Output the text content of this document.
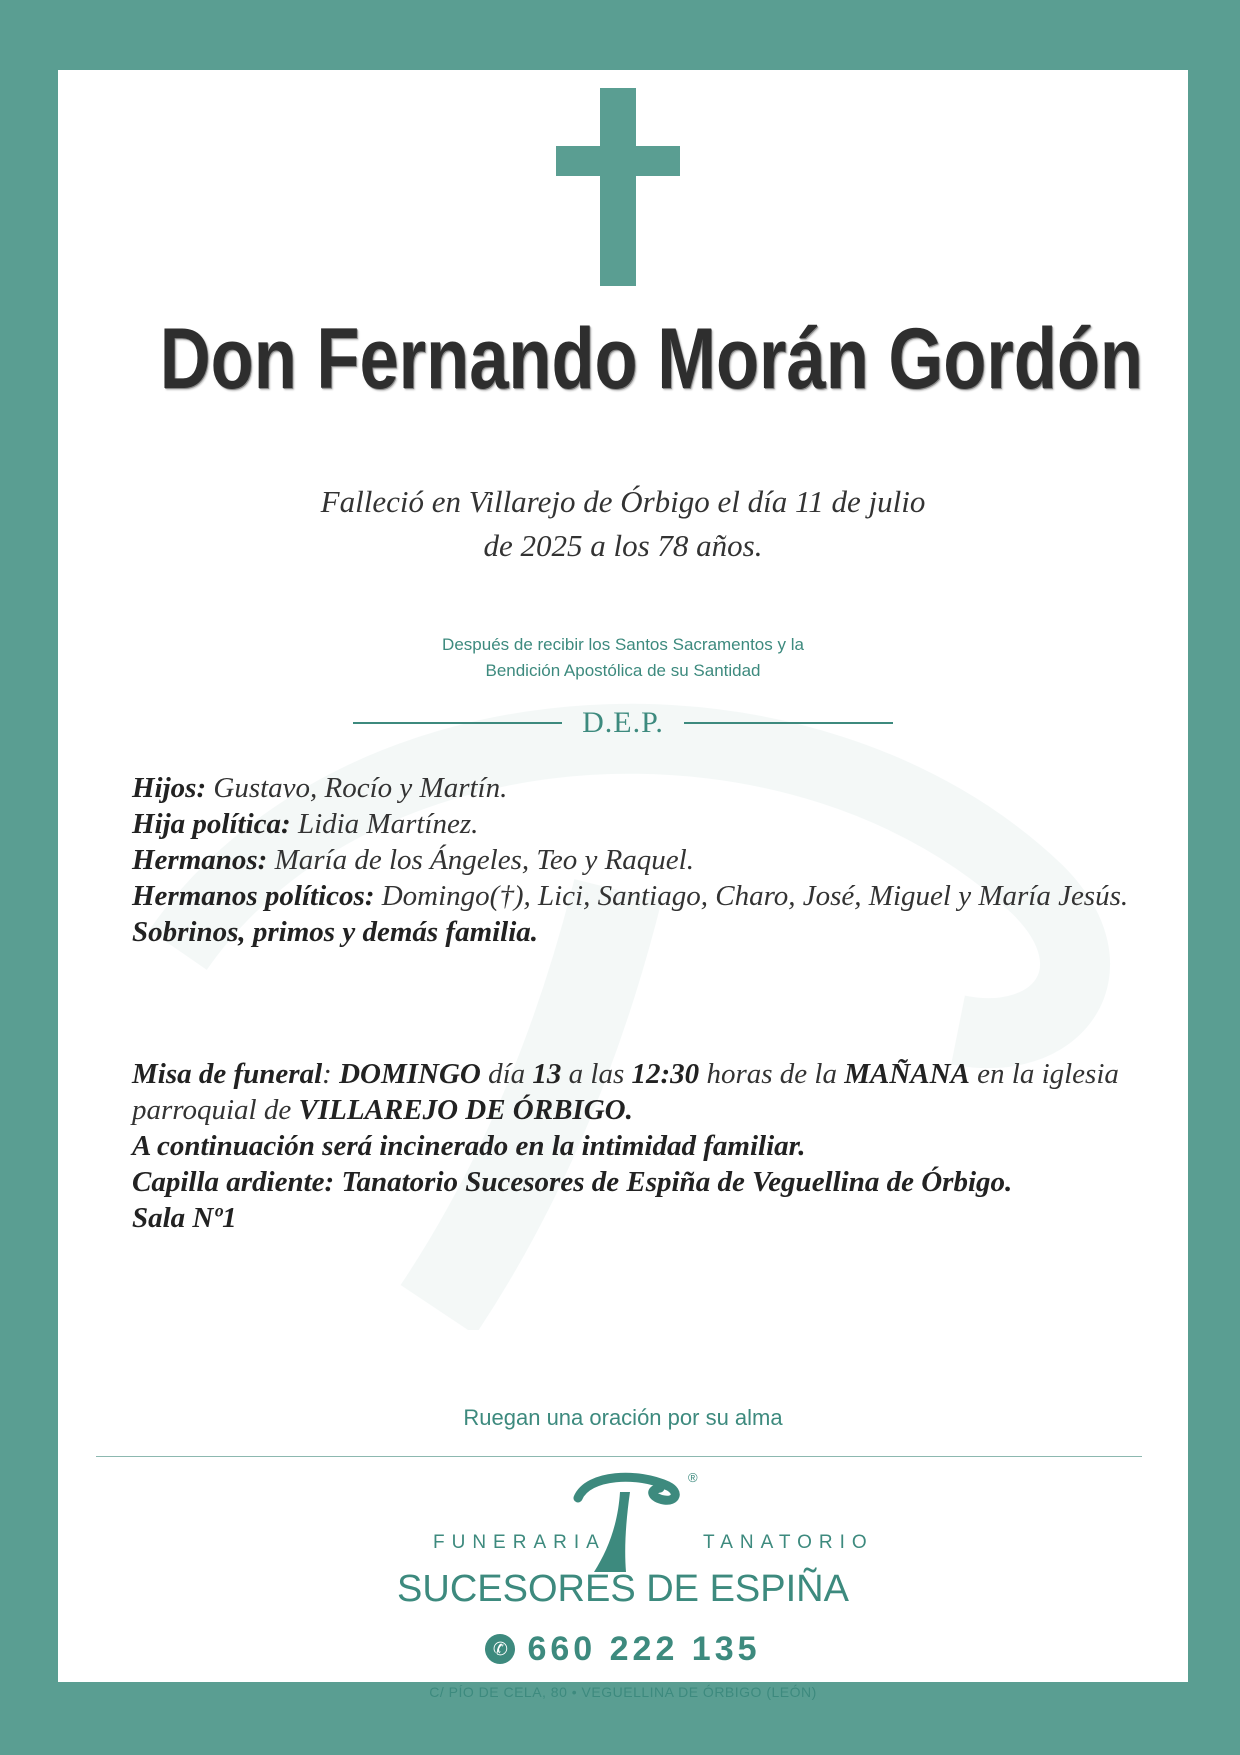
Don Fernando Morán Gordón
Falleció en Villarejo de Órbigo el día 11 de julio
de 2025 a los 78 años.
Después de recibir los Santos Sacramentos y la
Bendición Apostólica de su Santidad
D.E.P.
Hijos: Gustavo, Rocío y Martín.
Hija política: Lidia Martínez.
Hermanos: María de los Ángeles, Teo y Raquel.
Hermanos políticos: Domingo(†), Lici, Santiago, Charo, José, Miguel y María Jesús.
Sobrinos, primos y demás familia.
Misa de funeral: DOMINGO día 13 a las 12:30 horas de la MAÑANA en la iglesia parroquial de VILLAREJO DE ÓRBIGO.
A continuación será incinerado en la intimidad familiar.
Capilla ardiente: Tanatorio Sucesores de Espiña de Veguellina de Órbigo.
Sala Nº1
Ruegan una oración por su alma
®
FUNERARIA	TANATORIO
SUCESORES DE ESPIÑA
✆ 660 222 135
C/ PÍO DE CELA, 80 • VEGUELLINA DE ÓRBIGO (LEÓN)
